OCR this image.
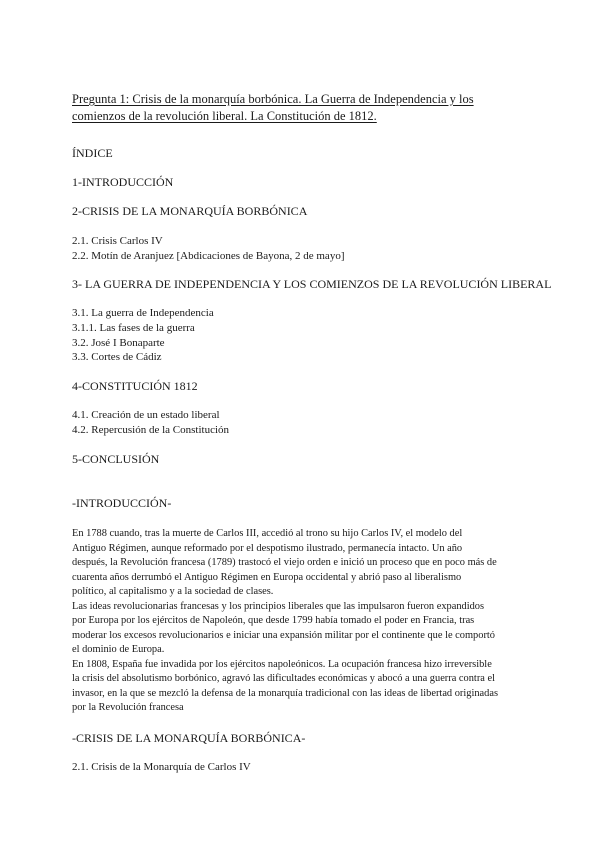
Pregunta 1: Crisis de la monarquía borbónica. La Guerra de Independencia y los
comienzos de la revolución liberal. La Constitución de 1812.
ÍNDICE
1-INTRODUCCIÓN
2-CRISIS DE LA MONARQUÍA BORBÓNICA
2.1. Crisis Carlos IV
2.2. Motín de Aranjuez [Abdicaciones de Bayona, 2 de mayo]
3- LA GUERRA DE INDEPENDENCIA Y LOS COMIENZOS DE LA REVOLUCIÓN LIBERAL
3.1. La guerra de Independencia
3.1.1. Las fases de la guerra
3.2. José I Bonaparte
3.3. Cortes de Cádiz
4-CONSTITUCIÓN 1812
4.1. Creación de un estado liberal
4.2. Repercusión de la Constitución
5-CONCLUSIÓN
-INTRODUCCIÓN-
En 1788 cuando, tras la muerte de Carlos III, accedió al trono su hijo Carlos IV, el modelo del
Antiguo Régimen, aunque reformado por el despotismo ilustrado, permanecía intacto. Un año
después, la Revolución francesa (1789) trastocó el viejo orden e inició un proceso que en poco más de
cuarenta años derrumbó el Antiguo Régimen en Europa occidental y abrió paso al liberalismo
político, al capitalismo y a la sociedad de clases.
Las ideas revolucionarias francesas y los principios liberales que las impulsaron fueron expandidos
por Europa por los ejércitos de Napoleón, que desde 1799 había tomado el poder en Francia, tras
moderar los excesos revolucionarios e iniciar una expansión militar por el continente que le comportó
el dominio de Europa.
En 1808, España fue invadida por los ejércitos napoleónicos. La ocupación francesa hizo irreversible
la crisis del absolutismo borbónico, agravó las dificultades económicas y abocó a una guerra contra el
invasor, en la que se mezcló la defensa de la monarquía tradicional con las ideas de libertad originadas
por la Revolución francesa
-CRISIS DE LA MONARQUÍA BORBÓNICA-
2.1. Crisis de la Monarquía de Carlos IV
